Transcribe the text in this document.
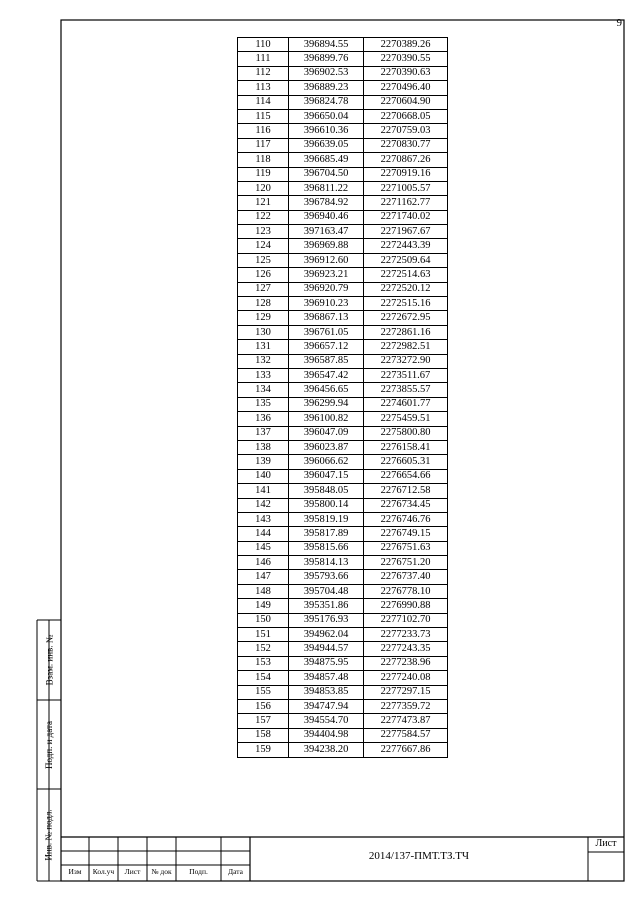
9
110	396894.55	2270389.26
111	396899.76	2270390.55
112	396902.53	2270390.63
113	396889.23	2270496.40
114	396824.78	2270604.90
115	396650.04	2270668.05
116	396610.36	2270759.03
117	396639.05	2270830.77
118	396685.49	2270867.26
119	396704.50	2270919.16
120	396811.22	2271005.57
121	396784.92	2271162.77
122	396940.46	2271740.02
123	397163.47	2271967.67
124	396969.88	2272443.39
125	396912.60	2272509.64
126	396923.21	2272514.63
127	396920.79	2272520.12
128	396910.23	2272515.16
129	396867.13	2272672.95
130	396761.05	2272861.16
131	396657.12	2272982.51
132	396587.85	2273272.90
133	396547.42	2273511.67
134	396456.65	2273855.57
135	396299.94	2274601.77
136	396100.82	2275459.51
137	396047.09	2275800.80
138	396023.87	2276158.41
139	396066.62	2276605.31
140	396047.15	2276654.66
141	395848.05	2276712.58
142	395800.14	2276734.45
143	395819.19	2276746.76
144	395817.89	2276749.15
145	395815.66	2276751.63
146	395814.13	2276751.20
147	395793.66	2276737.40
148	395704.48	2276778.10
149	395351.86	2276990.88
150	395176.93	2277102.70
151	394962.04	2277233.73
152	394944.57	2277243.35
153	394875.95	2277238.96
154	394857.48	2277240.08
155	394853.85	2277297.15
156	394747.94	2277359.72
157	394554.70	2277473.87
158	394404.98	2277584.57
159	394238.20	2277667.86
Взам. инв. №
Подп. и дата
Инв. № подл.	2014/137-ПМТ.ТЗ.ТЧ
Лист
Изм	Кол.уч	Лист	№ док	Подп.	Дата
